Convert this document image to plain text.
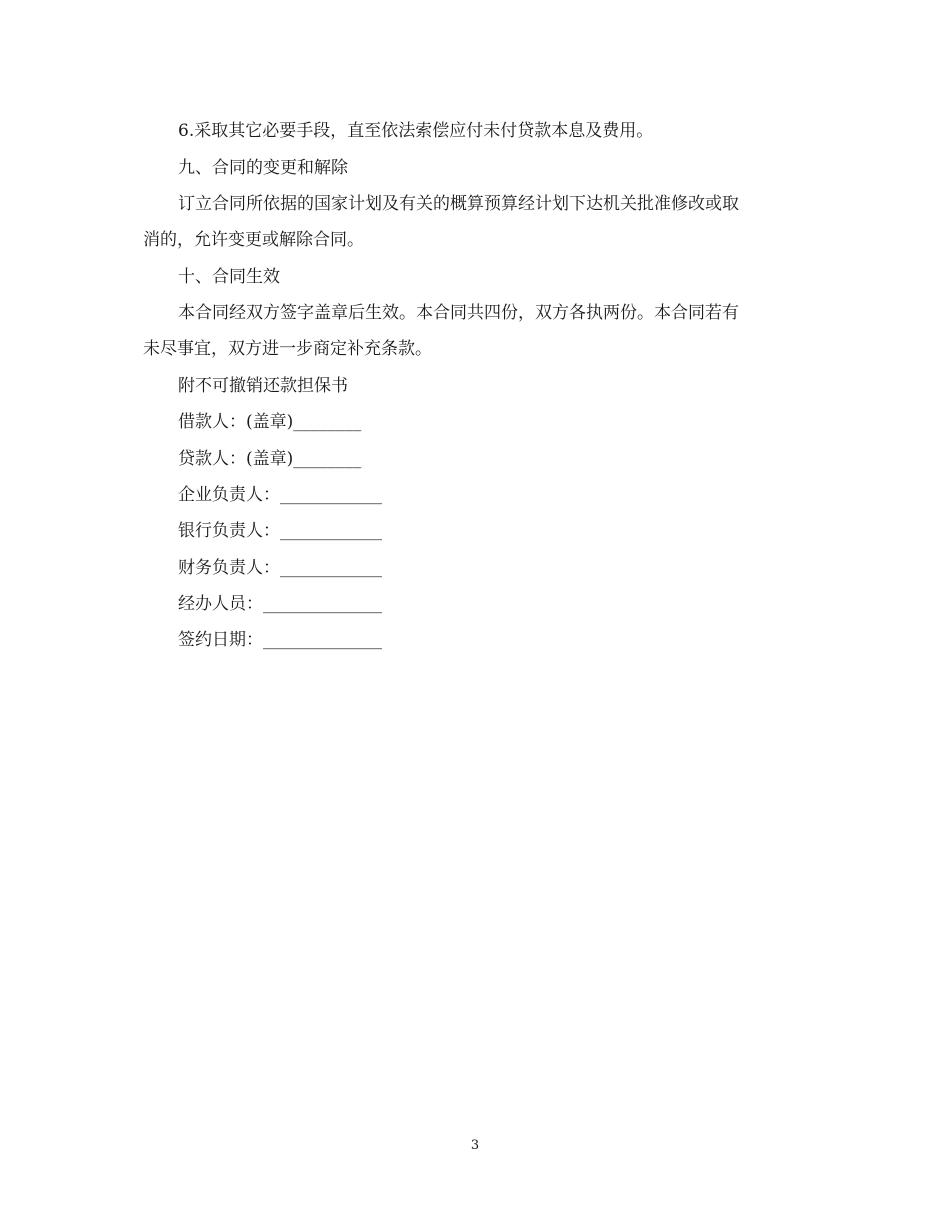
6.采取其它必要手段，直至依法索偿应付未付贷款本息及费用。
九、合同的变更和解除
订立合同所依据的国家计划及有关的概算预算经计划下达机关批准修改或取
消的，允许变更或解除合同。
十、合同生效
本合同经双方签字盖章后生效。本合同共四份，双方各执两份。本合同若有
未尽事宜，双方进一步商定补充条款。
附不可撤销还款担保书
借款人：(盖章)________
贷款人：(盖章)________
企业负责人：____________
银行负责人：____________
财务负责人：____________
经办人员：______________
签约日期：______________
3
